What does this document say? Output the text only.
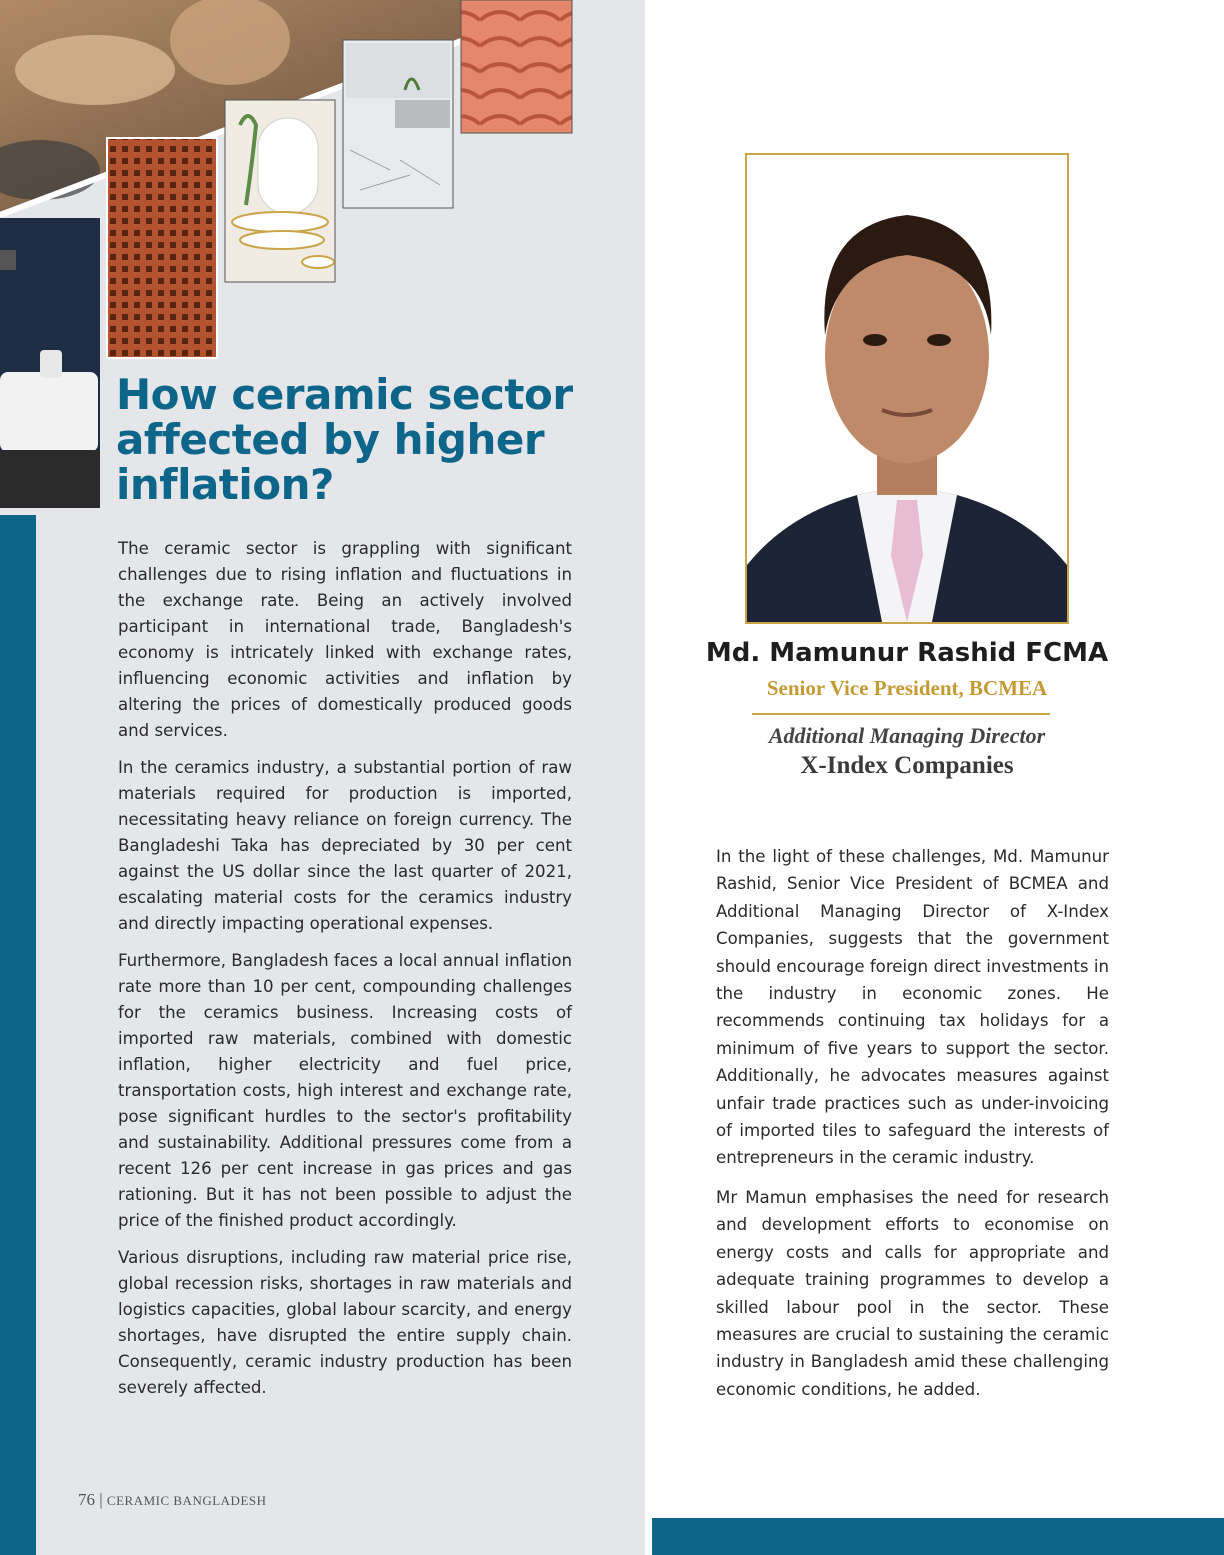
How ceramic sector affected by higher inflation?

The ceramic sector is grappling with significant challenges due to rising inflation and fluctuations in the exchange rate. Being an actively involved participant in international trade, Bangladesh's economy is intricately linked with exchange rates, influencing economic activities and inflation by altering the prices of domestically produced goods and services.

In the ceramics industry, a substantial portion of raw materials required for production is imported, necessitating heavy reliance on foreign currency. The Bangladeshi Taka has depreciated by 30 per cent against the US dollar since the last quarter of 2021, escalating material costs for the ceramics industry and directly impacting operational expenses.

Furthermore, Bangladesh faces a local annual inflation rate more than 10 per cent, compounding challenges for the ceramics business. Increasing costs of imported raw materials, combined with domestic inflation, higher electricity and fuel price, transportation costs, high interest and exchange rate, pose significant hurdles to the sector's profitability and sustainability. Additional pressures come from a recent 126 per cent increase in gas prices and gas rationing. But it has not been possible to adjust the price of the finished product accordingly.

Various disruptions, including raw material price rise, global recession risks, shortages in raw materials and logistics capacities, global labour scarcity, and energy shortages, have disrupted the entire supply chain. Consequently, ceramic industry production has been severely affected.

Md. Mamunur Rashid FCMA
Senior Vice President, BCMEA
Additional Managing Director
X-Index Companies

In the light of these challenges, Md. Mamunur Rashid, Senior Vice President of BCMEA and Additional Managing Director of X-Index Companies, suggests that the government should encourage foreign direct investments in the industry in economic zones. He recommends continuing tax holidays for a minimum of five years to support the sector. Additionally, he advocates measures against unfair trade practices such as under-invoicing of imported tiles to safeguard the interests of entrepreneurs in the ceramic industry.

Mr Mamun emphasises the need for research and development efforts to economise on energy costs and calls for appropriate and adequate training programmes to develop a skilled labour pool in the sector. These measures are crucial to sustaining the ceramic industry in Bangladesh amid these challenging economic conditions, he added.

76 | CERAMIC BANGLADESH
